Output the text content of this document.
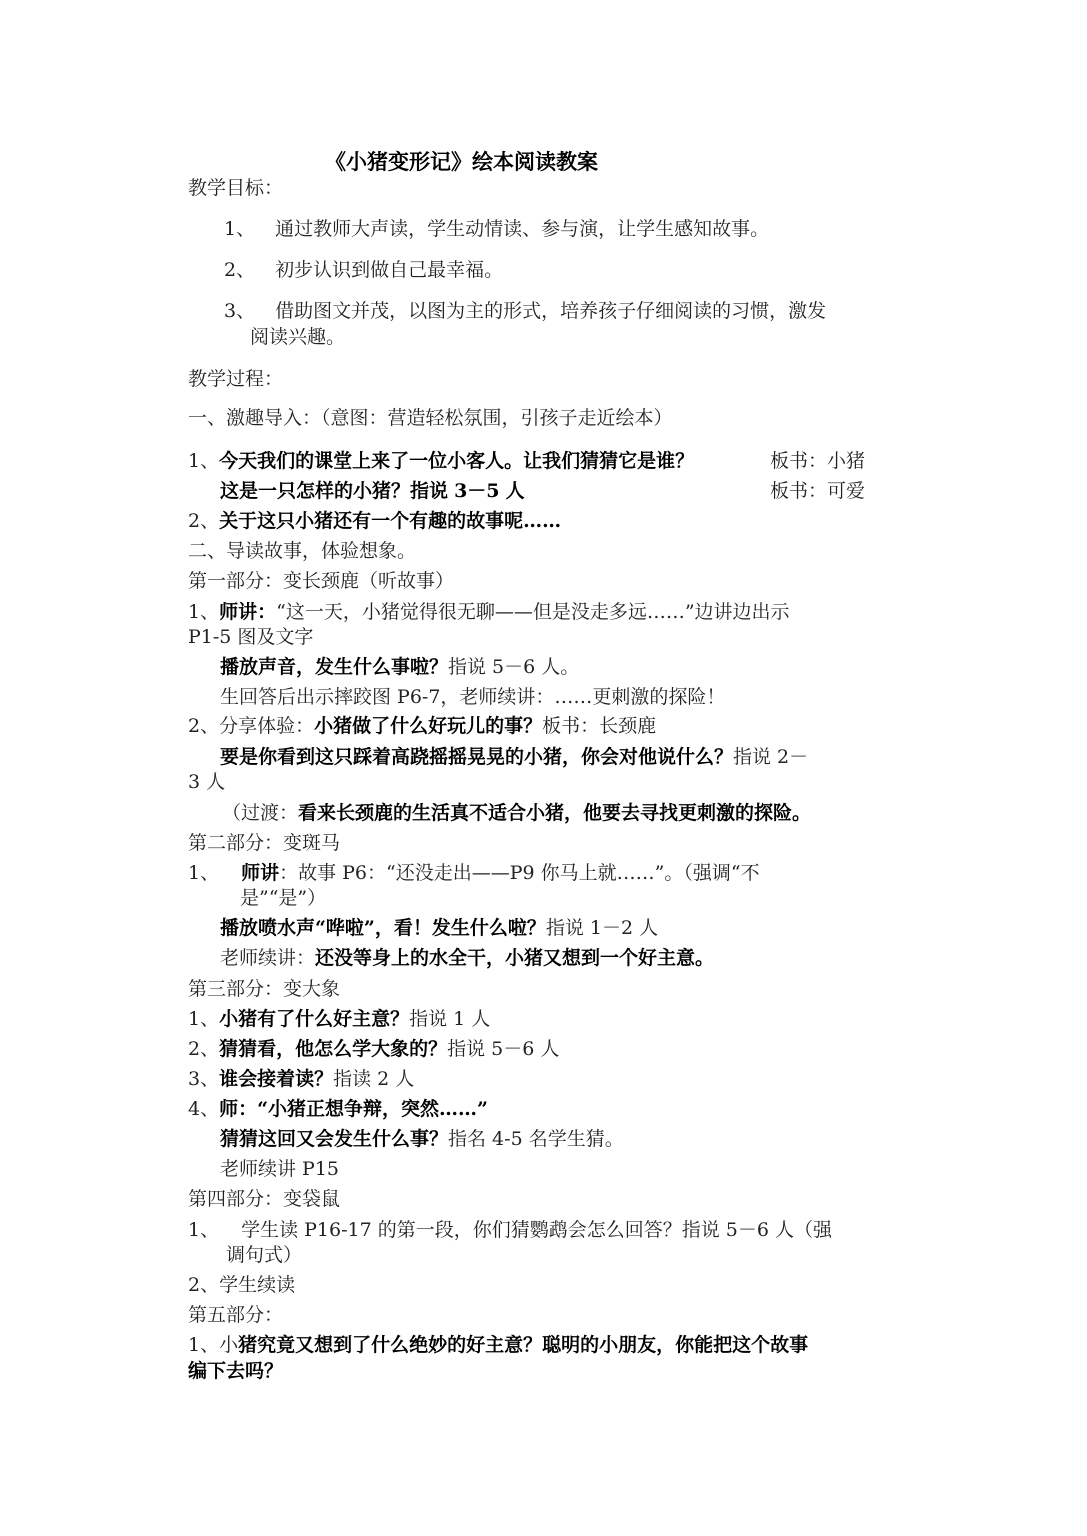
《小猪变形记》绘本阅读教案
教学目标：
1、 通过教师大声读，学生动情读、参与演，让学生感知故事。
2、 初步认识到做自己最幸福。
3、 借助图文并茂，以图为主的形式，培养孩子仔细阅读的习惯，激发
阅读兴趣。
教学过程：
一、激趣导入：（意图：营造轻松氛围，引孩子走近绘本）
1、今天我们的课堂上来了一位小客人。让我们猜猜它是谁？	板书：小猪
这是一只怎样的小猪？指说 3－5 人	板书：可爱
2、关于这只小猪还有一个有趣的故事呢……
二、导读故事，体验想象。
第一部分：变长颈鹿（听故事）
1、师讲：“这一天，小猪觉得很无聊——但是没走多远……”边讲边出示
P1-5 图及文字
播放声音，发生什么事啦？指说 5－6 人。
生回答后出示摔跤图 P6-7，老师续讲：……更刺激的探险！
2、分享体验：小猪做了什么好玩儿的事？板书：长颈鹿
要是你看到这只踩着高跷摇摇晃晃的小猪，你会对他说什么？指说 2－
3 人
（过渡：看来长颈鹿的生活真不适合小猪，他要去寻找更刺激的探险。
第二部分：变斑马
1、 师讲：故事 P6：“还没走出——P9 你马上就……”。（强调“不
是”“是”）
播放喷水声“哗啦”，看！发生什么啦？指说 1－2 人
老师续讲：还没等身上的水全干，小猪又想到一个好主意。
第三部分：变大象
1、小猪有了什么好主意？指说 1 人
2、猜猜看，他怎么学大象的？指说 5－6 人
3、谁会接着读？指读 2 人
4、师：“小猪正想争辩，突然……”
猜猜这回又会发生什么事？指名 4-5 名学生猜。
老师续讲 P15
第四部分：变袋鼠
1、 学生读 P16-17 的第一段，你们猜鹦鹉会怎么回答？指说 5－6 人（强
调句式）
2、学生续读
第五部分：
1、小猪究竟又想到了什么绝妙的好主意？聪明的小朋友，你能把这个故事
编下去吗？
